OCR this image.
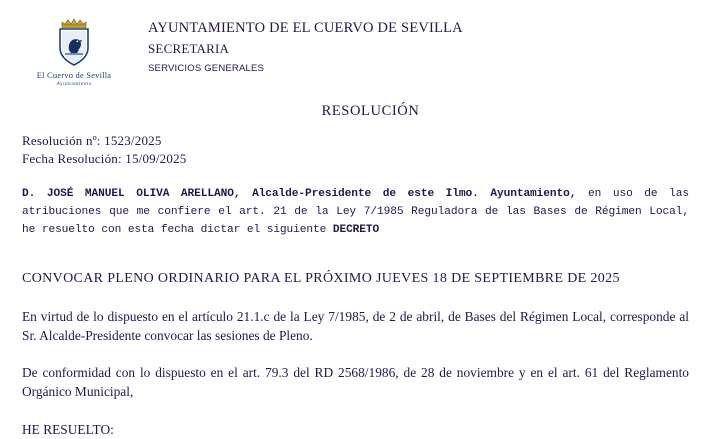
El Cuervo de Sevilla
Ayuntamiento
AYUNTAMIENTO DE EL CUERVO DE SEVILLA
SECRETARIA
SERVICIOS GENERALES
RESOLUCIÓN
Resolución nº: 1523/2025
Fecha Resolución: 15/09/2025
D. JOSÉ MANUEL OLIVA ARELLANO, Alcalde-Presidente de este Ilmo. Ayuntamiento, en uso de las atribuciones que me confiere el art. 21 de la Ley 7/1985 Reguladora de las Bases de Régimen Local, he resuelto con esta fecha dictar el siguiente DECRETO
CONVOCAR PLENO ORDINARIO PARA EL PRÓXIMO JUEVES 18 DE SEPTIEMBRE DE 2025
En virtud de lo dispuesto en el artículo 21.1.c de la Ley 7/1985, de 2 de abril, de Bases del Régimen Local, corresponde al Sr. Alcalde-Presidente convocar las sesiones de Pleno.
De conformidad con lo dispuesto en el art. 79.3 del RD 2568/1986, de 28 de noviembre y en el art. 61 del Reglamento Orgánico Municipal,
HE RESUELTO:
